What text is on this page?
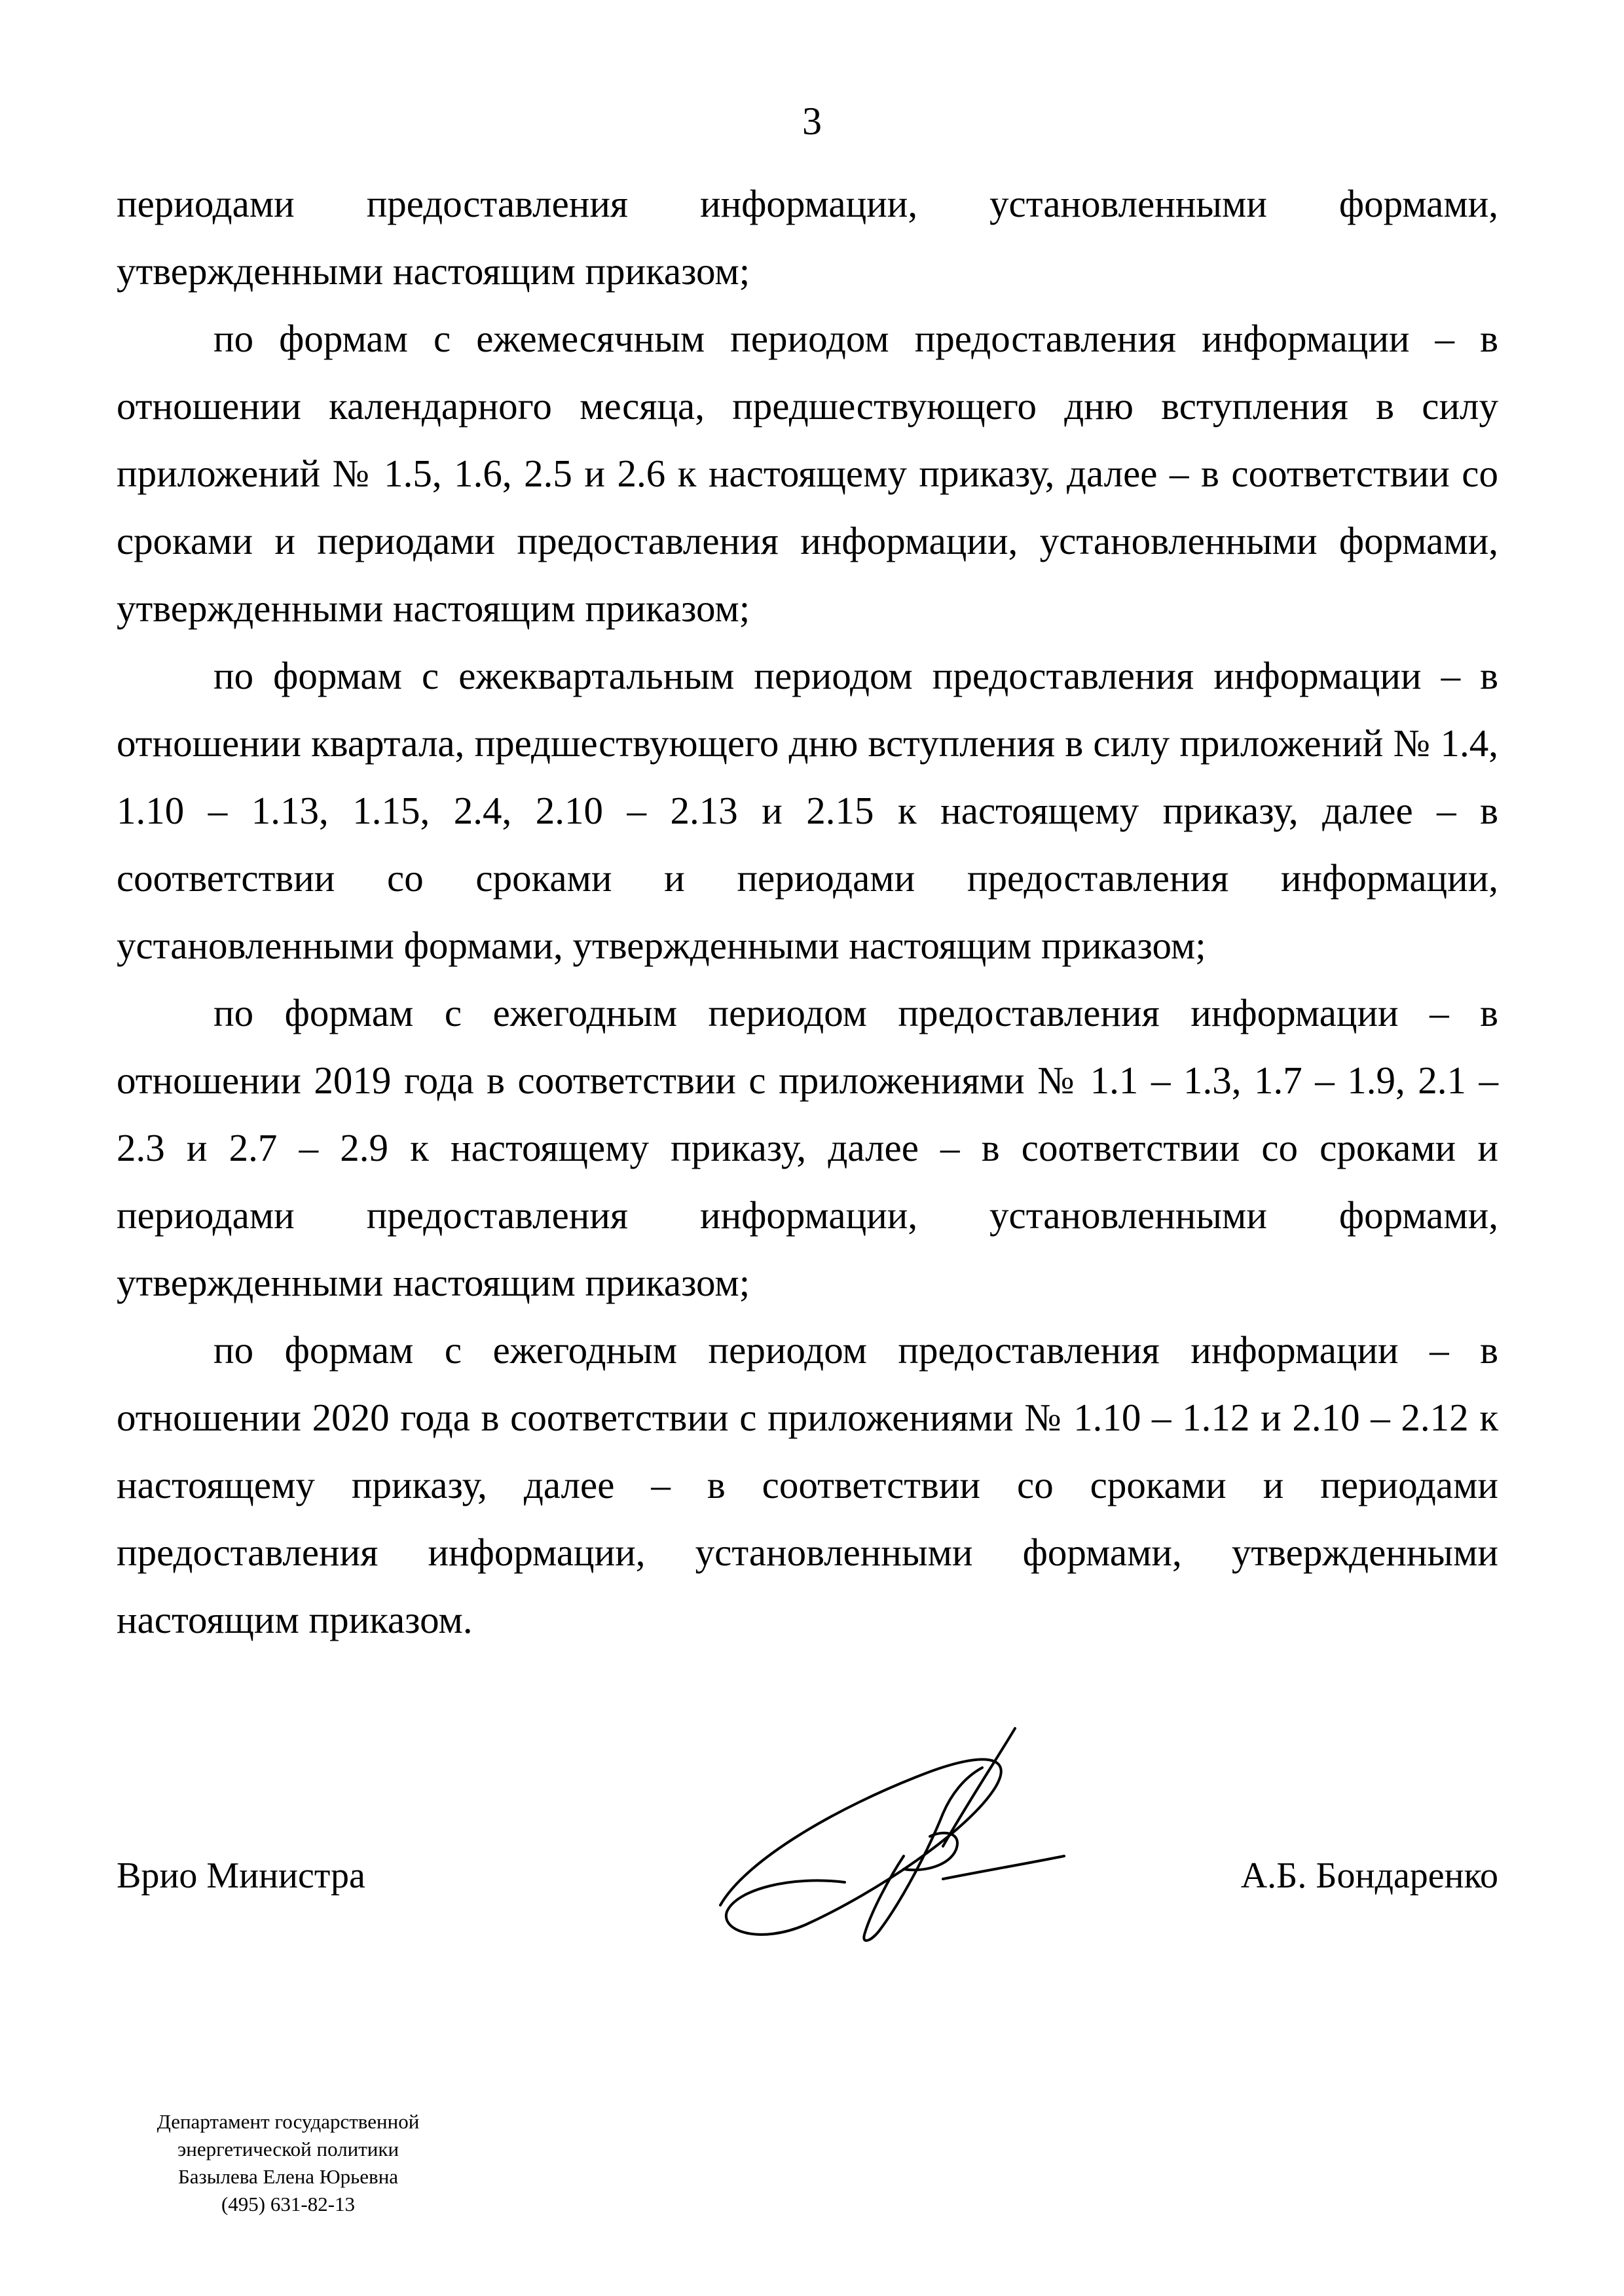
3

периодами предоставления информации, установленными формами, утвержденными настоящим приказом;

по формам с ежемесячным периодом предоставления информации – в отношении календарного месяца, предшествующего дню вступления в силу приложений № 1.5, 1.6, 2.5 и 2.6 к настоящему приказу, далее – в соответствии со сроками и периодами предоставления информации, установленными формами, утвержденными настоящим приказом;

по формам с ежеквартальным периодом предоставления информации – в отношении квартала, предшествующего дню вступления в силу приложений № 1.4, 1.10 – 1.13, 1.15, 2.4, 2.10 – 2.13 и 2.15 к настоящему приказу, далее – в соответствии со сроками и периодами предоставления информации, установленными формами, утвержденными настоящим приказом;

по формам с ежегодным периодом предоставления информации – в отношении 2019 года в соответствии с приложениями № 1.1 – 1.3, 1.7 – 1.9, 2.1 – 2.3 и 2.7 – 2.9 к настоящему приказу, далее – в соответствии со сроками и периодами предоставления информации, установленными формами, утвержденными настоящим приказом;

по формам с ежегодным периодом предоставления информации – в отношении 2020 года в соответствии с приложениями № 1.10 – 1.12 и 2.10 – 2.12 к настоящему приказу, далее – в соответствии со сроками и периодами предоставления информации, установленными формами, утвержденными настоящим приказом.

Врио Министра	А.Б. Бондаренко
Департамент государственной
энергетической политики
Базылева Елена Юрьевна
(495) 631-82-13
